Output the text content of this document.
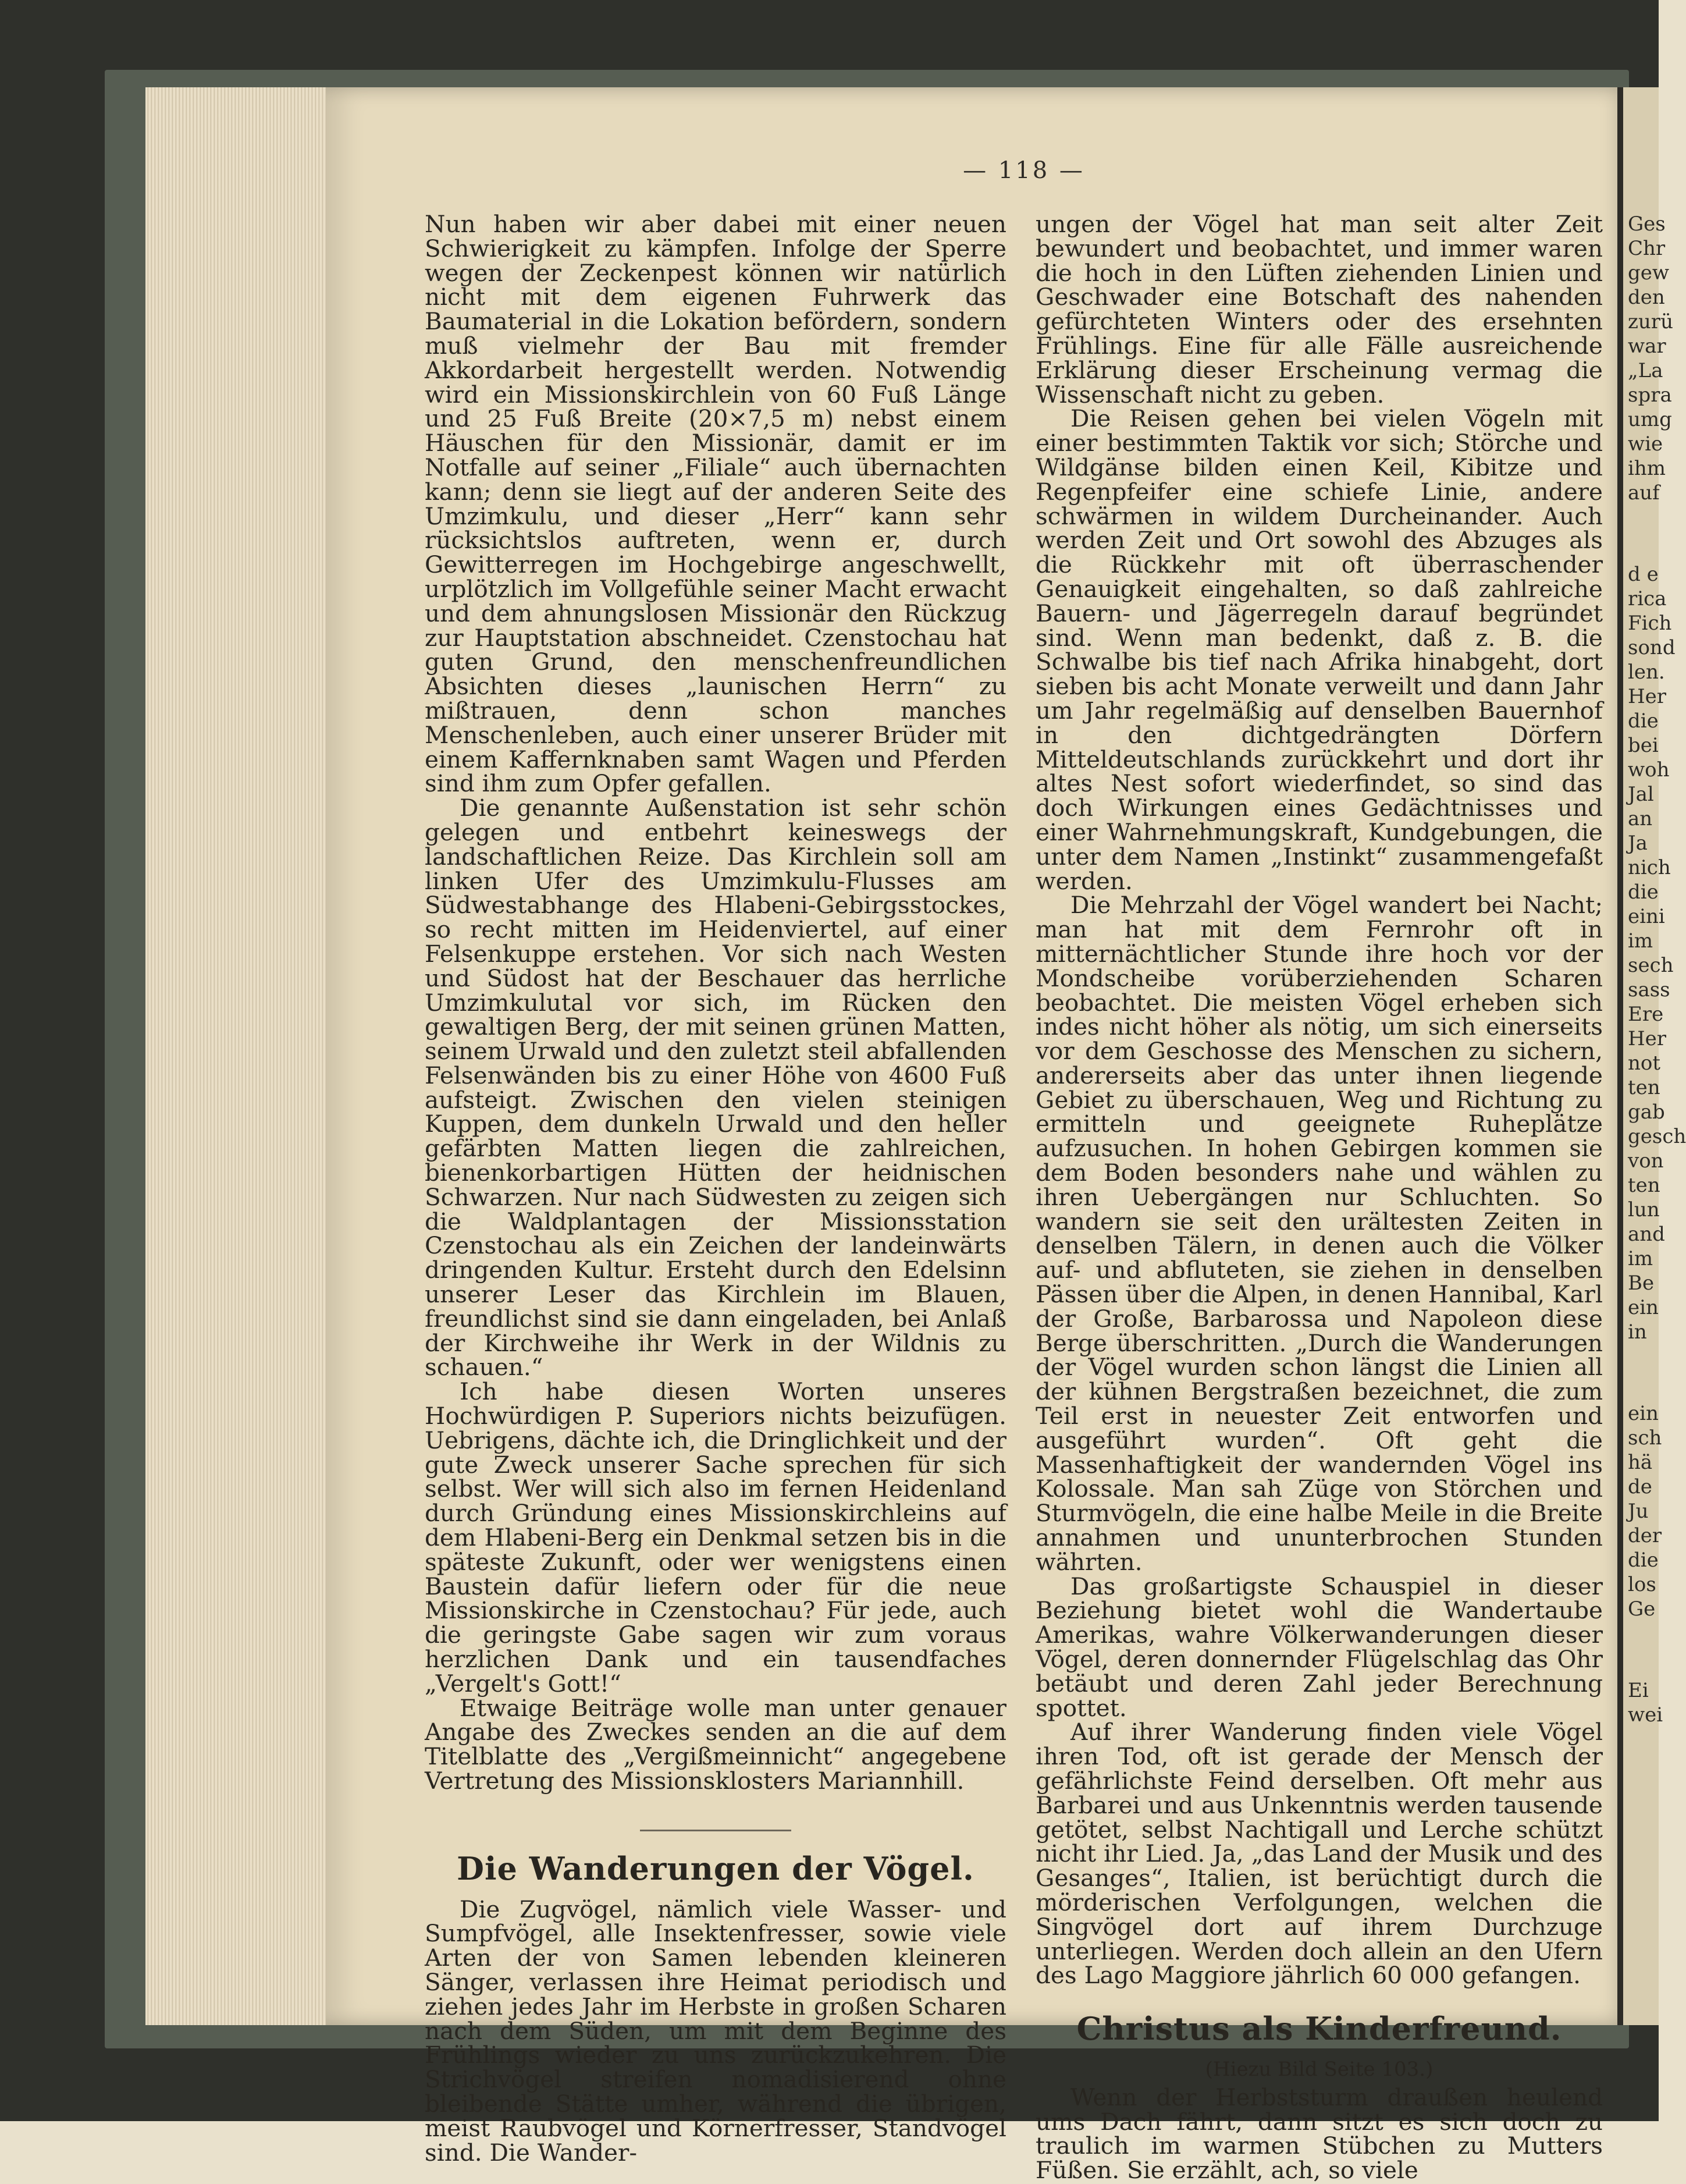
Ges
Chr
gew
den
zurü
war
„La
spra
umg
wie
ihm
auf
d e
rica
Fich
sond
len.
Her
die
bei
woh
Jal
an
Ja
nich
die
eini
im
sech
sass
Ere
Her
not
ten
gab
gesch
von
ten
lun
and
im
Be
ein
in
ein
sch
hä
de
Ju
der
die
los
Ge
Ei
wei
— 118 —

Nun haben wir aber dabei mit einer neuen Schwierigkeit zu kämpfen. Infolge der Sperre wegen der Zeckenpest können wir natürlich nicht mit dem eigenen Fuhrwerk das Baumaterial in die Lokation befördern, sondern muß vielmehr der Bau mit fremder Akkordarbeit hergestellt werden. Notwendig wird ein Missionskirchlein von 60 Fuß Länge und 25 Fuß Breite (20×7,5 m) nebst einem Häuschen für den Missionär, damit er im Notfalle auf seiner „Filiale“ auch übernachten kann; denn sie liegt auf der anderen Seite des Umzimkulu, und dieser „Herr“ kann sehr rücksichtslos auftreten, wenn er, durch Gewitterregen im Hochgebirge angeschwellt, urplötzlich im Vollgefühle seiner Macht erwacht und dem ahnungslosen Missionär den Rückzug zur Hauptstation abschneidet. Czenstochau hat guten Grund, den menschenfreundlichen Absichten dieses „launischen Herrn“ zu mißtrauen, denn schon manches Menschenleben, auch einer unserer Brüder mit einem Kaffernknaben samt Wagen und Pferden sind ihm zum Opfer gefallen.

Die genannte Außenstation ist sehr schön gelegen und entbehrt keineswegs der landschaftlichen Reize. Das Kirchlein soll am linken Ufer des Umzimkulu-Flusses am Südwestabhange des Hlabeni-Gebirgsstockes, so recht mitten im Heidenviertel, auf einer Felsenkuppe erstehen. Vor sich nach Westen und Südost hat der Beschauer das herrliche Umzimkulutal vor sich, im Rücken den gewaltigen Berg, der mit seinen grünen Matten, seinem Urwald und den zuletzt steil abfallenden Felsenwänden bis zu einer Höhe von 4600 Fuß aufsteigt. Zwischen den vielen steinigen Kuppen, dem dunkeln Urwald und den heller gefärbten Matten liegen die zahlreichen, bienenkorbartigen Hütten der heidnischen Schwarzen. Nur nach Südwesten zu zeigen sich die Waldplantagen der Missionsstation Czenstochau als ein Zeichen der landeinwärts dringenden Kultur. Ersteht durch den Edelsinn unserer Leser das Kirchlein im Blauen, freundlichst sind sie dann eingeladen, bei Anlaß der Kirchweihe ihr Werk in der Wildnis zu schauen.“

Ich habe diesen Worten unseres Hochwürdigen P. Superiors nichts beizufügen. Uebrigens, dächte ich, die Dringlichkeit und der gute Zweck unserer Sache sprechen für sich selbst. Wer will sich also im fernen Heidenland durch Gründung eines Missionskirchleins auf dem Hlabeni-Berg ein Denkmal setzen bis in die späteste Zukunft, oder wer wenigstens einen Baustein dafür liefern oder für die neue Missionskirche in Czenstochau? Für jede, auch die geringste Gabe sagen wir zum voraus herzlichen Dank und ein tausendfaches „Vergelt's Gott!“

Etwaige Beiträge wolle man unter genauer Angabe des Zweckes senden an die auf dem Titelblatte des „Vergißmeinnicht“ angegebene Vertretung des Missionsklosters Mariannhill.

Die Wanderungen der Vögel.

Die Zugvögel, nämlich viele Wasser- und Sumpfvögel, alle Insektenfresser, sowie viele Arten der von Samen lebenden kleineren Sänger, verlassen ihre Heimat periodisch und ziehen jedes Jahr im Herbste in großen Scharen nach dem Süden, um mit dem Beginne des Frühlings wieder zu uns zurückzukehren. Die Strichvögel streifen nomadisierend ohne bleibende Stätte umher, während die übrigen, meist Raubvögel und Körnerfresser, Standvögel sind. Die Wander-

ungen der Vögel hat man seit alter Zeit bewundert und beobachtet, und immer waren die hoch in den Lüften ziehenden Linien und Geschwader eine Botschaft des nahenden gefürchteten Winters oder des ersehnten Frühlings. Eine für alle Fälle ausreichende Erklärung dieser Erscheinung vermag die Wissenschaft nicht zu geben.

Die Reisen gehen bei vielen Vögeln mit einer bestimmten Taktik vor sich; Störche und Wildgänse bilden einen Keil, Kibitze und Regenpfeifer eine schiefe Linie, andere schwärmen in wildem Durcheinander. Auch werden Zeit und Ort sowohl des Abzuges als die Rückkehr mit oft überraschender Genauigkeit eingehalten, so daß zahlreiche Bauern- und Jägerregeln darauf begründet sind. Wenn man bedenkt, daß z. B. die Schwalbe bis tief nach Afrika hinabgeht, dort sieben bis acht Monate verweilt und dann Jahr um Jahr regelmäßig auf denselben Bauernhof in den dichtgedrängten Dörfern Mitteldeutschlands zurückkehrt und dort ihr altes Nest sofort wiederfindet, so sind das doch Wirkungen eines Gedächtnisses und einer Wahrnehmungskraft, Kundgebungen, die unter dem Namen „Instinkt“ zusammengefaßt werden.

Die Mehrzahl der Vögel wandert bei Nacht; man hat mit dem Fernrohr oft in mitternächtlicher Stunde ihre hoch vor der Mondscheibe vorüberziehenden Scharen beobachtet. Die meisten Vögel erheben sich indes nicht höher als nötig, um sich einerseits vor dem Geschosse des Menschen zu sichern, andererseits aber das unter ihnen liegende Gebiet zu überschauen, Weg und Richtung zu ermitteln und geeignete Ruheplätze aufzusuchen. In hohen Gebirgen kommen sie dem Boden besonders nahe und wählen zu ihren Uebergängen nur Schluchten. So wandern sie seit den urältesten Zeiten in denselben Tälern, in denen auch die Völker auf- und abfluteten, sie ziehen in denselben Pässen über die Alpen, in denen Hannibal, Karl der Große, Barbarossa und Napoleon diese Berge überschritten. „Durch die Wanderungen der Vögel wurden schon längst die Linien all der kühnen Bergstraßen bezeichnet, die zum Teil erst in neuester Zeit entworfen und ausgeführt wurden“. Oft geht die Massenhaftigkeit der wandernden Vögel ins Kolossale. Man sah Züge von Störchen und Sturmvögeln, die eine halbe Meile in die Breite annahmen und ununterbrochen Stunden währten.

Das großartigste Schauspiel in dieser Beziehung bietet wohl die Wandertaube Amerikas, wahre Völkerwanderungen dieser Vögel, deren donnernder Flügelschlag das Ohr betäubt und deren Zahl jeder Berechnung spottet.

Auf ihrer Wanderung finden viele Vögel ihren Tod, oft ist gerade der Mensch der gefährlichste Feind derselben. Oft mehr aus Barbarei und aus Unkenntnis werden tausende getötet, selbst Nachtigall und Lerche schützt nicht ihr Lied. Ja, „das Land der Musik und des Gesanges“, Italien, ist berüchtigt durch die mörderischen Verfolgungen, welchen die Singvögel dort auf ihrem Durchzuge unterliegen. Werden doch allein an den Ufern des Lago Maggiore jährlich 60 000 gefangen.

Christus als Kinderfreund.
(Hiezu Bild Seite 103.)

Wenn der Herbststurm draußen heulend ums Dach fährt, dann sitzt es sich doch zu traulich im warmen Stübchen zu Mutters Füßen. Sie erzählt, ach, so viele
